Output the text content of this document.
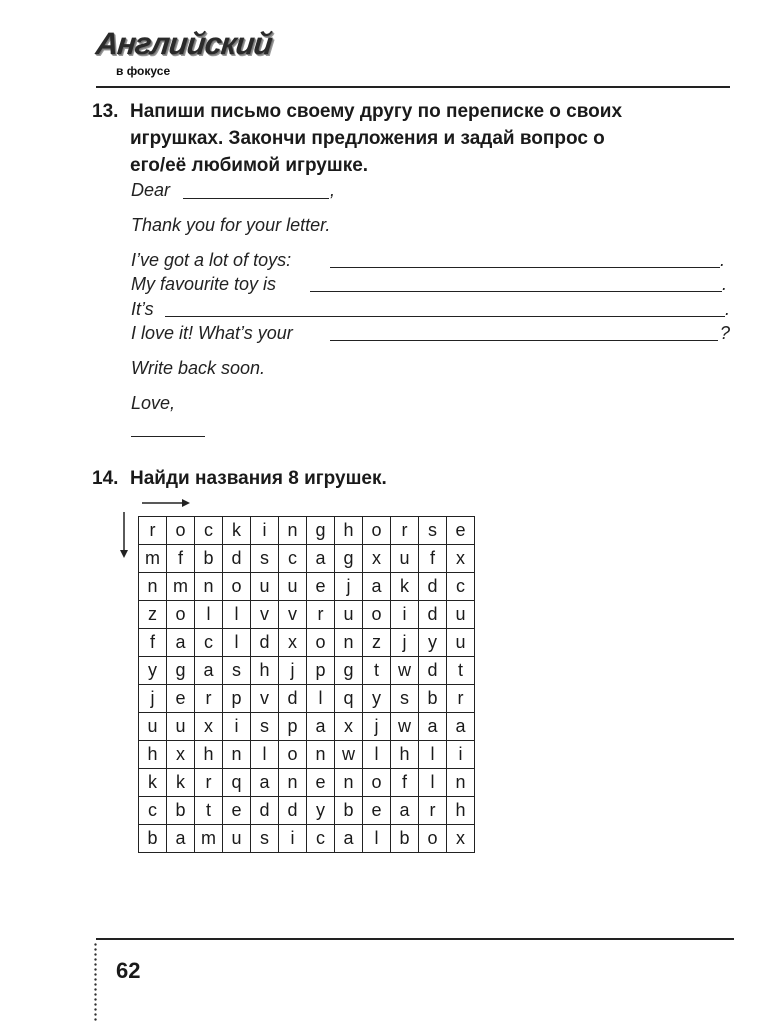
Английский
в фокусе
13. Напиши письмо своему другу по переписке о своих
игрушках. Закончи предложения и задай вопрос о
его/её любимой игрушке.
Dear	,
Thank you for your letter.
I’ve got a lot of toys:	.
My favourite toy is	.
It’s	.
I love it! What’s your	?
Write back soon.
Love,
14. Найди названия 8 игрушек.
r	o	c	k	i	n g h o	r	s	e
m f	b d	s	c	a g	x	u	f	x
n m n o u u e	j	a	k	d	c
z	o	l	l	v	v	r	u o	i	d u
f	a	c	l	d	x	o n	z	j	y	u
y	g a	s	h	j	p g	t	w d	t
j	e	r	p	v	d	l	q	y	s	b	r
u u	x	i	s	p a	x	j	w a a
h	x	h n	l	o n w	l	h	l	i
k	k	r	q a n e n o	f	l	n
c	b	t	e d d	y	b e a	r	h
b a m u	s	i	c	a	l	b o	x
62
